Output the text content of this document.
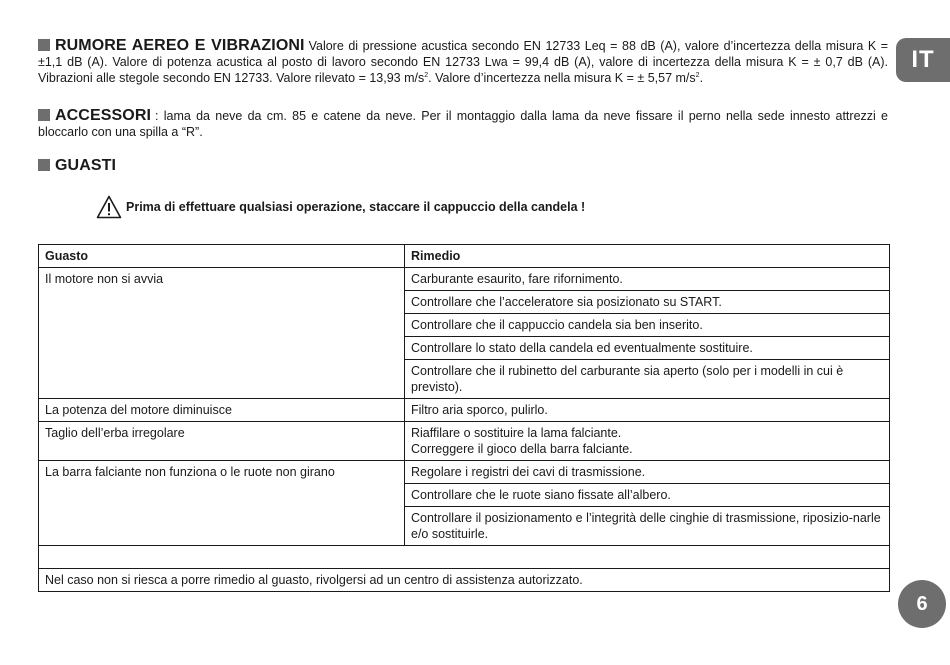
RUMORE AEREO E VIBRAZIONI Valore di pressione acustica secondo EN 12733 Leq = 88 dB (A), valore d’incertezza della misura K = ±1,1 dB (A). Valore di potenza acustica al posto di lavoro secondo EN 12733 Lwa = 99,4 dB (A), valore di incertezza della misura K = ± 0,7 dB (A). Vibrazioni alle stegole secondo EN 12733. Valore rilevato = 13,93 $m/s^2$. Valore d’incertezza nella misura K = ± 5,57 $m/s^2$.

ACCESSORI : lama da neve da cm. 85 e catene da neve. Per il montaggio dalla lama da neve fissare il perno nella sede innesto attrezzi e bloccarlo con una spilla a “R”.

GUASTI

Prima di effettuare qualsiasi operazione, staccare il cappuccio della candela !
Guasto	Rimedio
Il motore non si avvia	Carburante esaurito, fare rifornimento.
	Controllare che l’acceleratore sia posizionato su START.
	Controllare che il cappuccio candela sia ben inserito.
	Controllare lo stato della candela ed eventualmente sostituire.
	Controllare che il rubinetto del carburante sia aperto (solo per i modelli in cui è previsto).
La potenza del motore diminuisce	Filtro aria sporco, pulirlo.
Taglio dell’erba irregolare	Riaffilare o sostituire la lama falciante.
Correggere il gioco della barra falciante.

La barra falciante non funziona o le ruote non girano	Regolare i registri dei cavi di trasmissione.
	Controllare che le ruote siano fissate all’albero.
	Controllare il posizionamento e l’integrità delle cinghie di trasmissione, riposizio-narle e/o sostituirle.

Nel caso non si riesca a porre rimedio al guasto, rivolgersi ad un centro di assistenza autorizzato.	
IT
6
